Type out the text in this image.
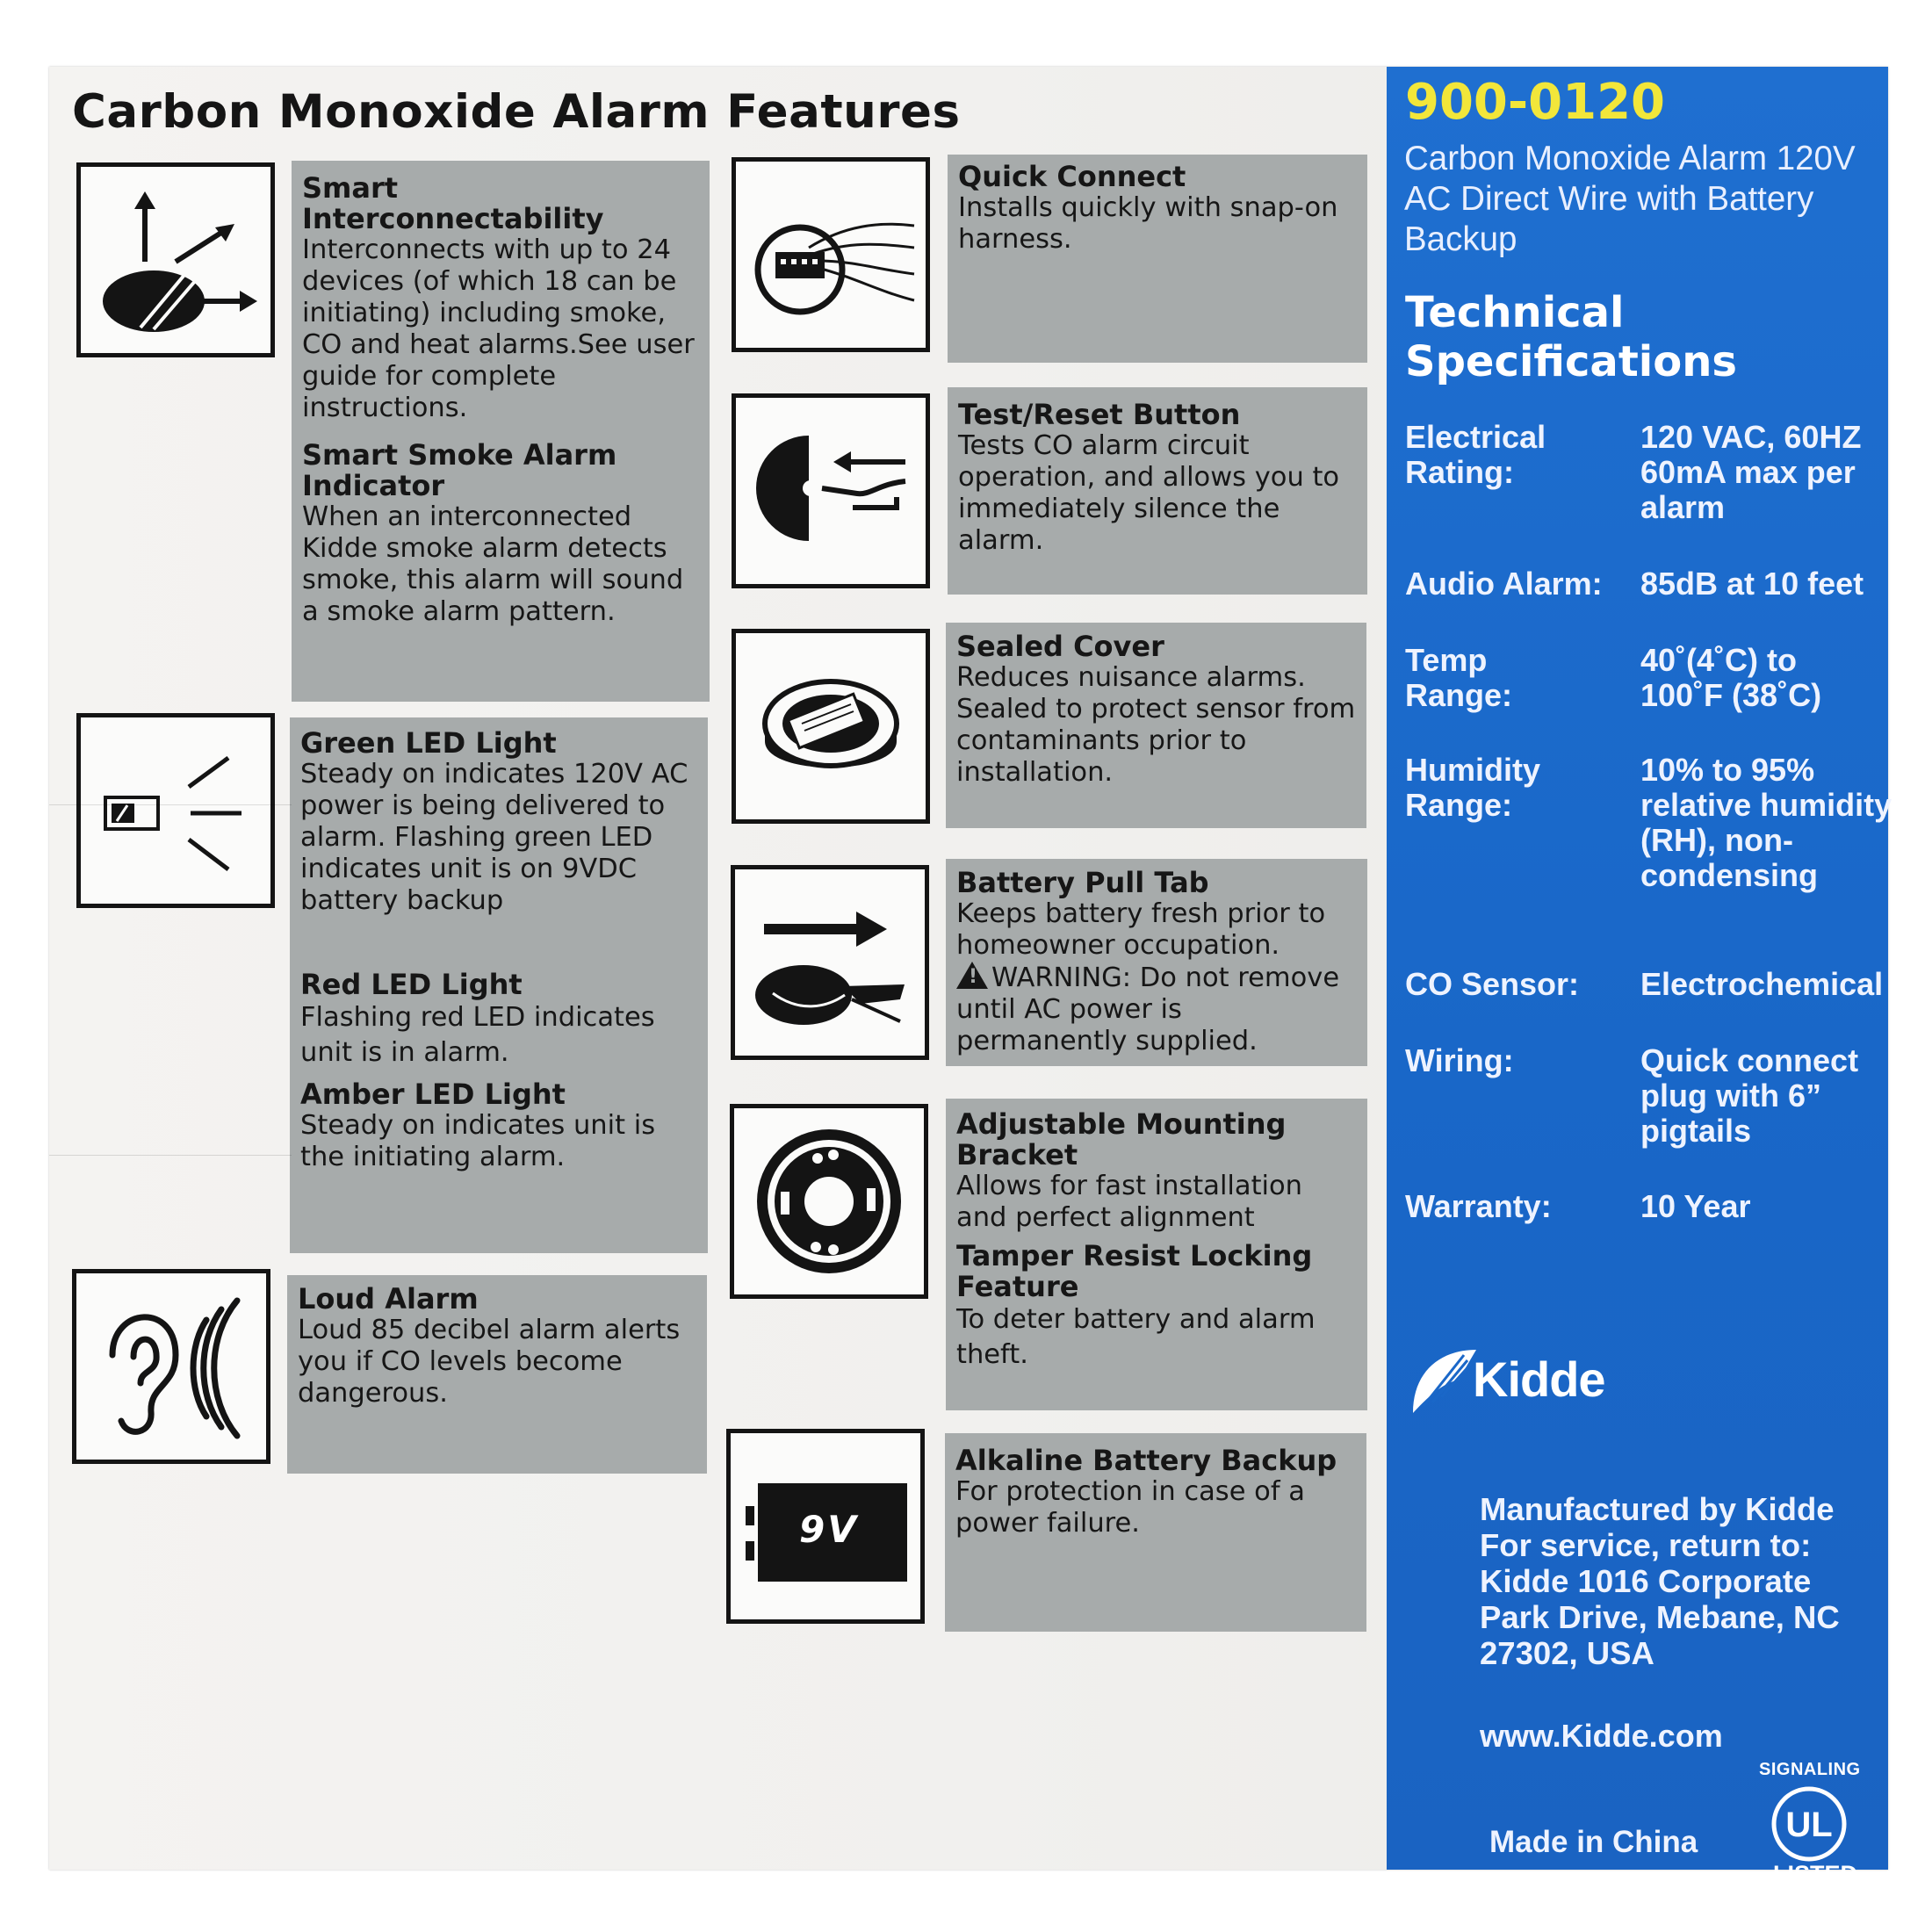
Carbon Monoxide Alarm Features

Smart Interconnectability

Interconnects with up to 24 devices (of which 18 can be initiating) including smoke, CO and heat alarms.See user guide for complete instructions.

Smart Smoke Alarm Indicator

When an interconnected Kidde smoke alarm detects smoke, this alarm will sound a smoke alarm pattern.

Green LED Light

Steady on indicates 120V AC power is being delivered to alarm. Flashing green LED indicates unit is on 9VDC battery backup

Red LED Light

Flashing red LED indicates unit is in alarm.

Amber LED Light

Steady on indicates unit is the initiating alarm.

Loud Alarm

Loud 85 decibel alarm alerts you if CO levels become dangerous.

9V

Quick Connect

Installs quickly with snap-on harness.

Test/Reset Button

Tests CO alarm circuit operation, and allows you to immediately silence the alarm.

Sealed Cover

Reduces nuisance alarms. Sealed to protect sensor from contaminants prior to installation.

Battery Pull Tab

Keeps battery fresh prior to homeowner occupation.

!WARNING: Do not remove until AC power is permanently supplied.

Adjustable Mounting Bracket

Allows for fast installation and perfect alignment

Tamper Resist Locking Feature

To deter battery and alarm theft.

Alkaline Battery Backup

For protection in case of a power failure.

900-0120
Carbon Monoxide Alarm 120V AC Direct Wire with Battery Backup
Technical Specifications
Electrical Rating:
120 VAC, 60HZ 60mA max per alarm
Audio Alarm:	85dB at 10 feet
Temp Range:
40˚(4˚C) to 100˚F (38˚C)
Humidity Range:
10% to 95% relative humidity (RH), non-condensing
CO Sensor:	Electrochemical
Wiring:	Quick connect plug with 6” pigtails
Warranty:	10 Year

Kidde

Manufactured by Kidde For service, return to: Kidde 1016 Corporate Park Drive, Mebane, NC 27302, USA

www.Kidde.com

Made in China

SIGNALING

UL

LISTED
